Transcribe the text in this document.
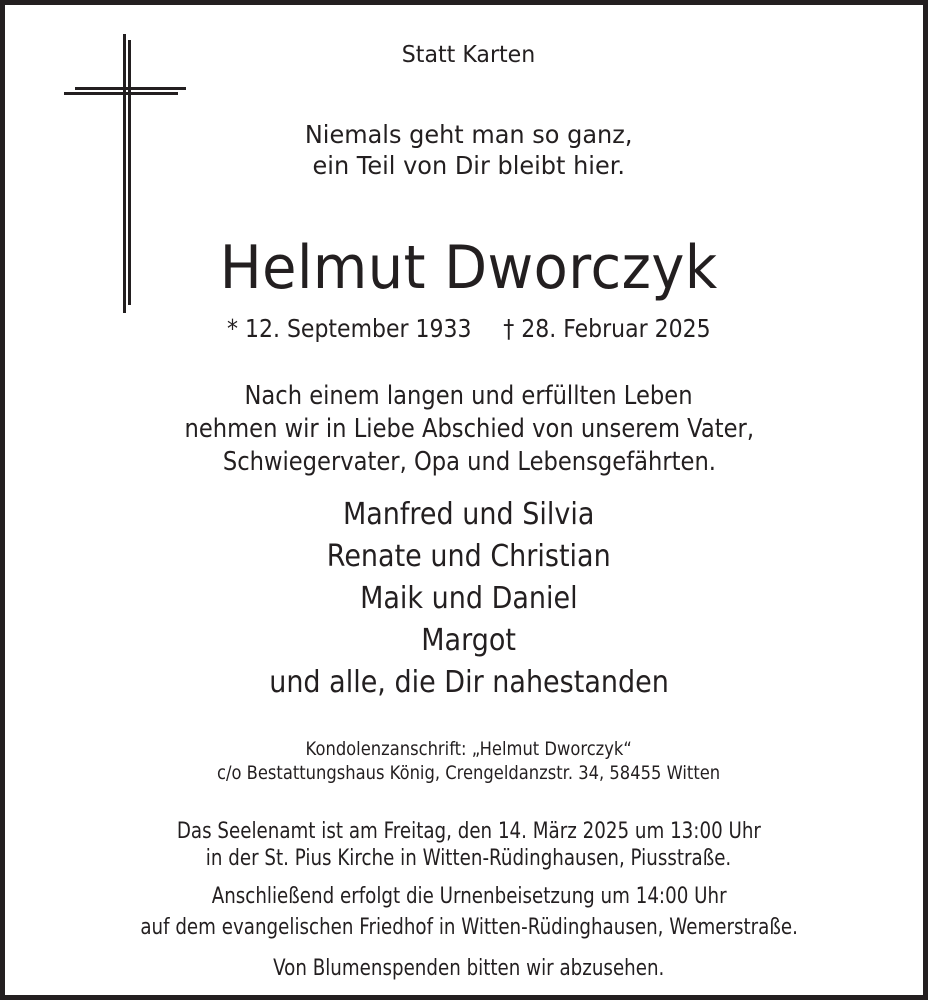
Statt Karten
Niemals geht man so ganz,
ein Teil von Dir bleibt hier.
Helmut Dworczyk
* 12. September 1933 † 28. Februar 2025
Nach einem langen und erfüllten Leben
nehmen wir in Liebe Abschied von unserem Vater,
Schwiegervater, Opa und Lebensgefährten.
Manfred und Silvia
Renate und Christian
Maik und Daniel
Margot
und alle, die Dir nahestanden
Kondolenzanschrift: „Helmut Dworczyk“
c/o Bestattungshaus König, Crengeldanzstr. 34, 58455 Witten
Das Seelenamt ist am Freitag, den 14. März 2025 um 13:00 Uhr
in der St. Pius Kirche in Witten-Rüdinghausen, Piusstraße.
Anschließend erfolgt die Urnenbeisetzung um 14:00 Uhr
auf dem evangelischen Friedhof in Witten-Rüdinghausen, Wemerstraße.
Von Blumenspenden bitten wir abzusehen.
